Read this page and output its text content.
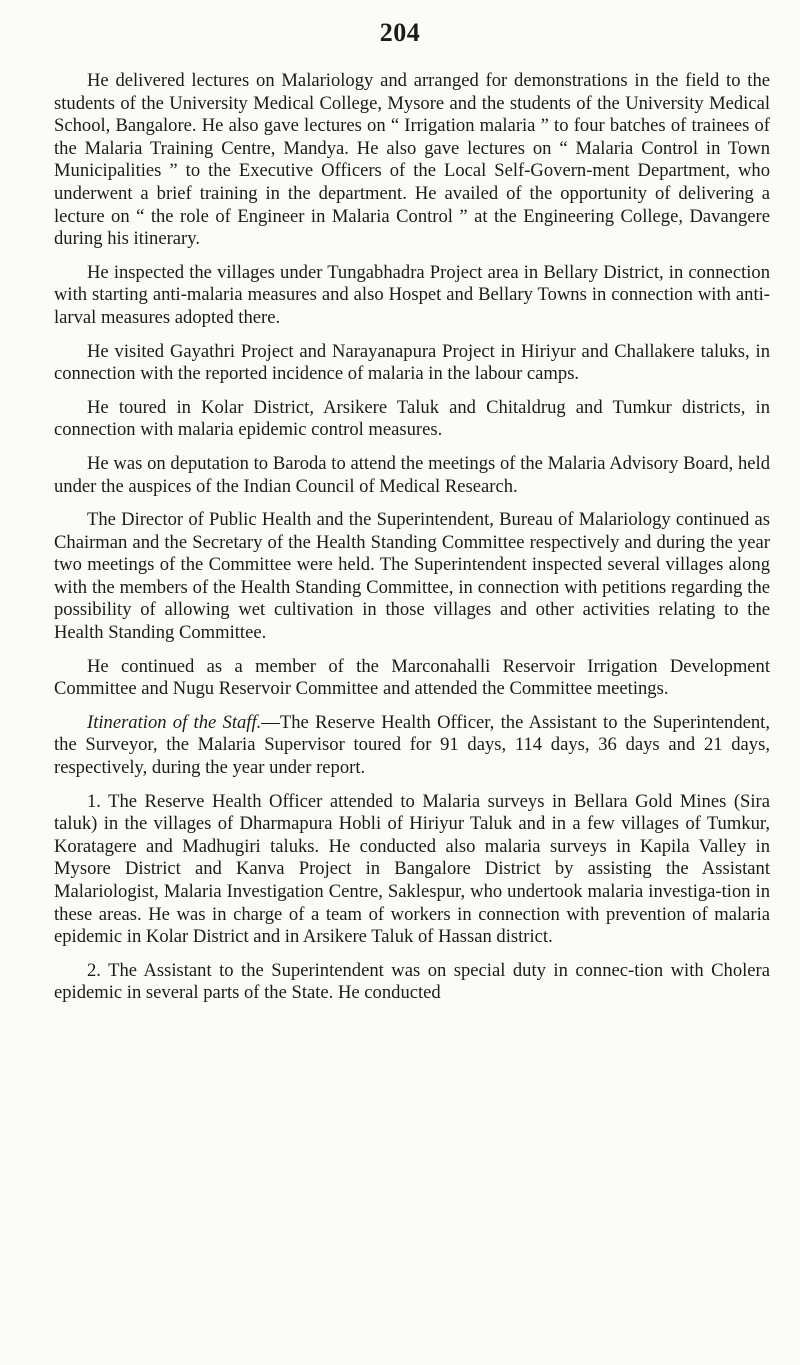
204

He delivered lectures on Malariology and arranged for demonstrations in the field to the students of the University Medical College, Mysore and the students of the University Medical School, Bangalore. He also gave lectures on “ Irrigation malaria ” to four batches of trainees of the Malaria Training Centre, Mandya. He also gave lectures on “ Malaria Control in Town Municipalities ” to the Executive Officers of the Local Self-Govern-ment Department, who underwent a brief training in the department. He availed of the opportunity of delivering a lecture on “ the role of Engineer in Malaria Control ” at the Engineering College, Davangere during his itinerary.

He inspected the villages under Tungabhadra Project area in Bellary District, in connection with starting anti-malaria measures and also Hospet and Bellary Towns in connection with anti-larval measures adopted there.

He visited Gayathri Project and Narayanapura Project in Hiriyur and Challakere taluks, in connection with the reported incidence of malaria in the labour camps.

He toured in Kolar District, Arsikere Taluk and Chitaldrug and Tumkur districts, in connection with malaria epidemic control measures.

He was on deputation to Baroda to attend the meetings of the Malaria Advisory Board, held under the auspices of the Indian Council of Medical Research.

The Director of Public Health and the Superintendent, Bureau of Malariology continued as Chairman and the Secretary of the Health Standing Committee respectively and during the year two meetings of the Committee were held. The Superintendent inspected several villages along with the members of the Health Standing Committee, in connection with petitions regarding the possibility of allowing wet cultivation in those villages and other activities relating to the Health Standing Committee.

He continued as a member of the Marconahalli Reservoir Irrigation Development Committee and Nugu Reservoir Committee and attended the Committee meetings.

Itineration of the Staff.—The Reserve Health Officer, the Assistant to the Superintendent, the Surveyor, the Malaria Supervisor toured for 91 days, 114 days, 36 days and 21 days, respectively, during the year under report.

1. The Reserve Health Officer attended to Malaria surveys in Bellara Gold Mines (Sira taluk) in the villages of Dharmapura Hobli of Hiriyur Taluk and in a few villages of Tumkur, Koratagere and Madhugiri taluks. He conducted also malaria surveys in Kapila Valley in Mysore District and Kanva Project in Bangalore District by assisting the Assistant Malariologist, Malaria Investigation Centre, Saklespur, who undertook malaria investiga-tion in these areas. He was in charge of a team of workers in connection with prevention of malaria epidemic in Kolar District and in Arsikere Taluk of Hassan district.

2. The Assistant to the Superintendent was on special duty in connec-tion with Cholera epidemic in several parts of the State. He conducted
